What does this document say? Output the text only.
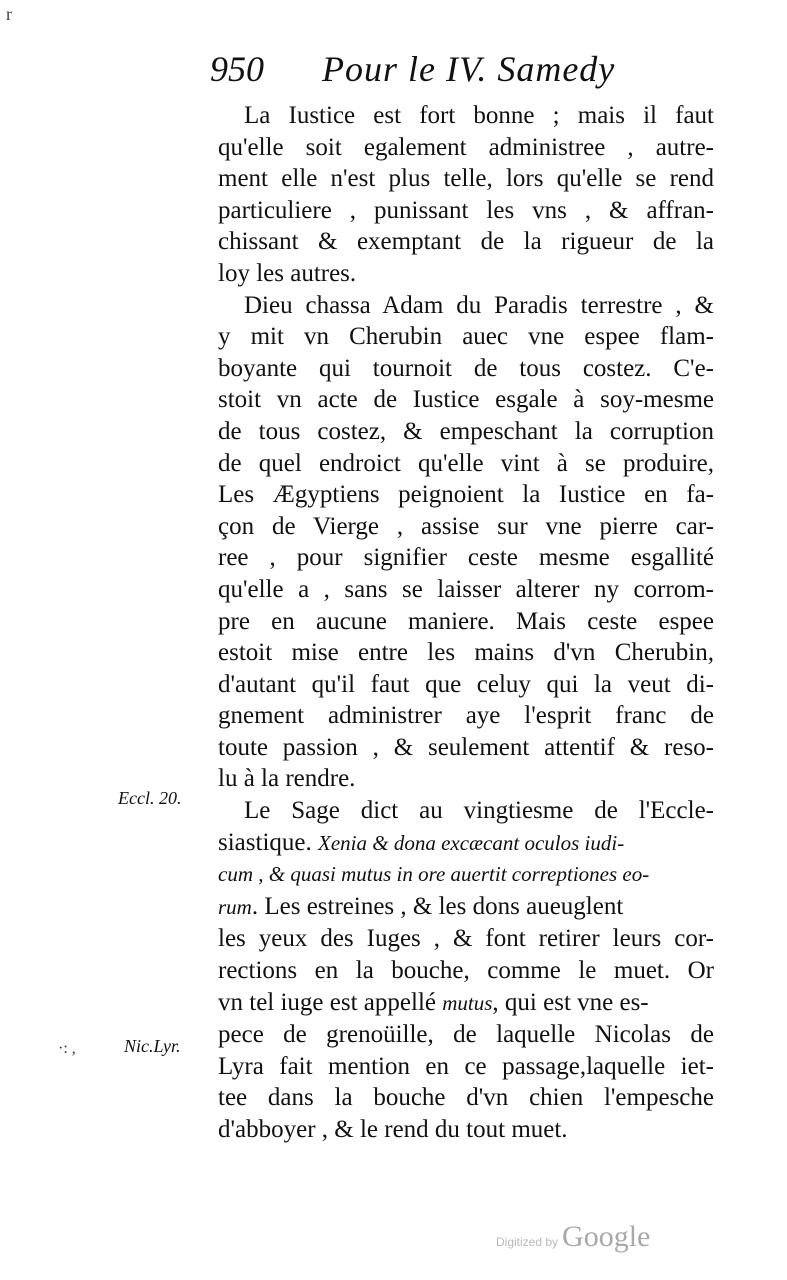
r
950 Pour le IV. Samedy
La Iustice est fort bonne ; mais il faut
qu'elle soit egalement administree , autre-
ment elle n'est plus telle, lors qu'elle se rend
particuliere , punissant les vns , & affran-
chissant & exemptant de la rigueur de la
loy les autres.
Dieu chassa Adam du Paradis terrestre , &
y mit vn Cherubin auec vne espee flam-
boyante qui tournoit de tous costez. C'e-
stoit vn acte de Iustice esgale à soy-mesme
de tous costez, & empeschant la corruption
de quel endroict qu'elle vint à se produire,
Les Ægyptiens peignoient la Iustice en fa-
çon de Vierge , assise sur vne pierre car-
ree , pour signifier ceste mesme esgallité
qu'elle a , sans se laisser alterer ny corrom-
pre en aucune maniere. Mais ceste espee
estoit mise entre les mains d'vn Cherubin,
d'autant qu'il faut que celuy qui la veut di-
gnement administrer aye l'esprit franc de
toute passion , & seulement attentif & reso-
lu à la rendre.
Le Sage dict au vingtiesme de l'Eccle-
siastique. Xenia & dona excæcant oculos iudi-
cum , & quasi mutus in ore auertit correptiones eo-
rum. Les estreines , & les dons aueuglent
les yeux des Iuges , & font retirer leurs cor-
rections en la bouche, comme le muet. Or
vn tel iuge est appellé mutus, qui est vne es-
pece de grenoüille, de laquelle Nicolas de
Lyra fait mention en ce passage,laquelle iet-
tee dans la bouche d'vn chien l'empesche
d'abboyer , & le rend du tout muet.
Eccl. 20.
Nic.Lyr.
·: ,
Digitized by Google
